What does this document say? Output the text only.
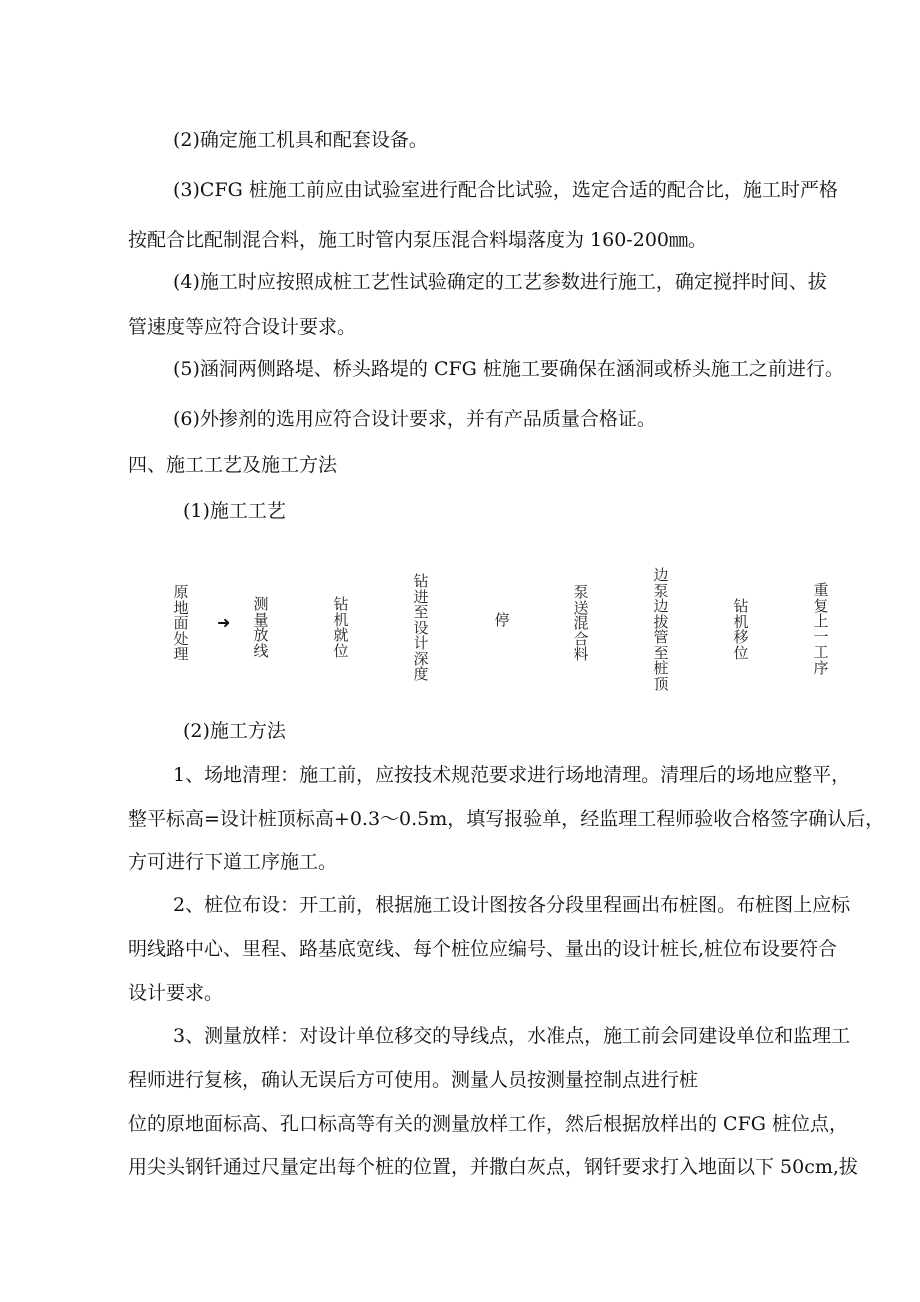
(2)确定施工机具和配套设备。
(3)CFG 桩施工前应由试验室进行配合比试验，选定合适的配合比，施工时严格
按配合比配制混合料，施工时管内泵压混合料塌落度为 160-200㎜。
(4)施工时应按照成桩工艺性试验确定的工艺参数进行施工，确定搅拌时间、拔
管速度等应符合设计要求。
(5)涵洞两侧路堤、桥头路堤的 CFG 桩施工要确保在涵洞或桥头施工之前进行。
(6)外掺剂的选用应符合设计要求，并有产品质量合格证。
四、施工工艺及施工方法
(1)施工工艺
原地面处理
➜
测量放线
钻机就位
钻进至设计深度
停
泵送混合料
边泵边拔管至桩顶
钻机移位
重复上一工序
(2)施工方法
1、场地清理：施工前，应按技术规范要求进行场地清理。清理后的场地应整平，
整平标高=设计桩顶标高+0.3～0.5m，填写报验单，经监理工程师验收合格签字确认后，
方可进行下道工序施工。
2、桩位布设：开工前，根据施工设计图按各分段里程画出布桩图。布桩图上应标
明线路中心、里程、路基底宽线、每个桩位应编号、量出的设计桩长,桩位布设要符合
设计要求。
3、测量放样：对设计单位移交的导线点，水准点，施工前会同建设单位和监理工
程师进行复核，确认无误后方可使用。测量人员按测量控制点进行桩
位的原地面标高、孔口标高等有关的测量放样工作，然后根据放样出的 CFG 桩位点，
用尖头钢钎通过尺量定出每个桩的位置，并撒白灰点，钢钎要求打入地面以下 50cm,拔
